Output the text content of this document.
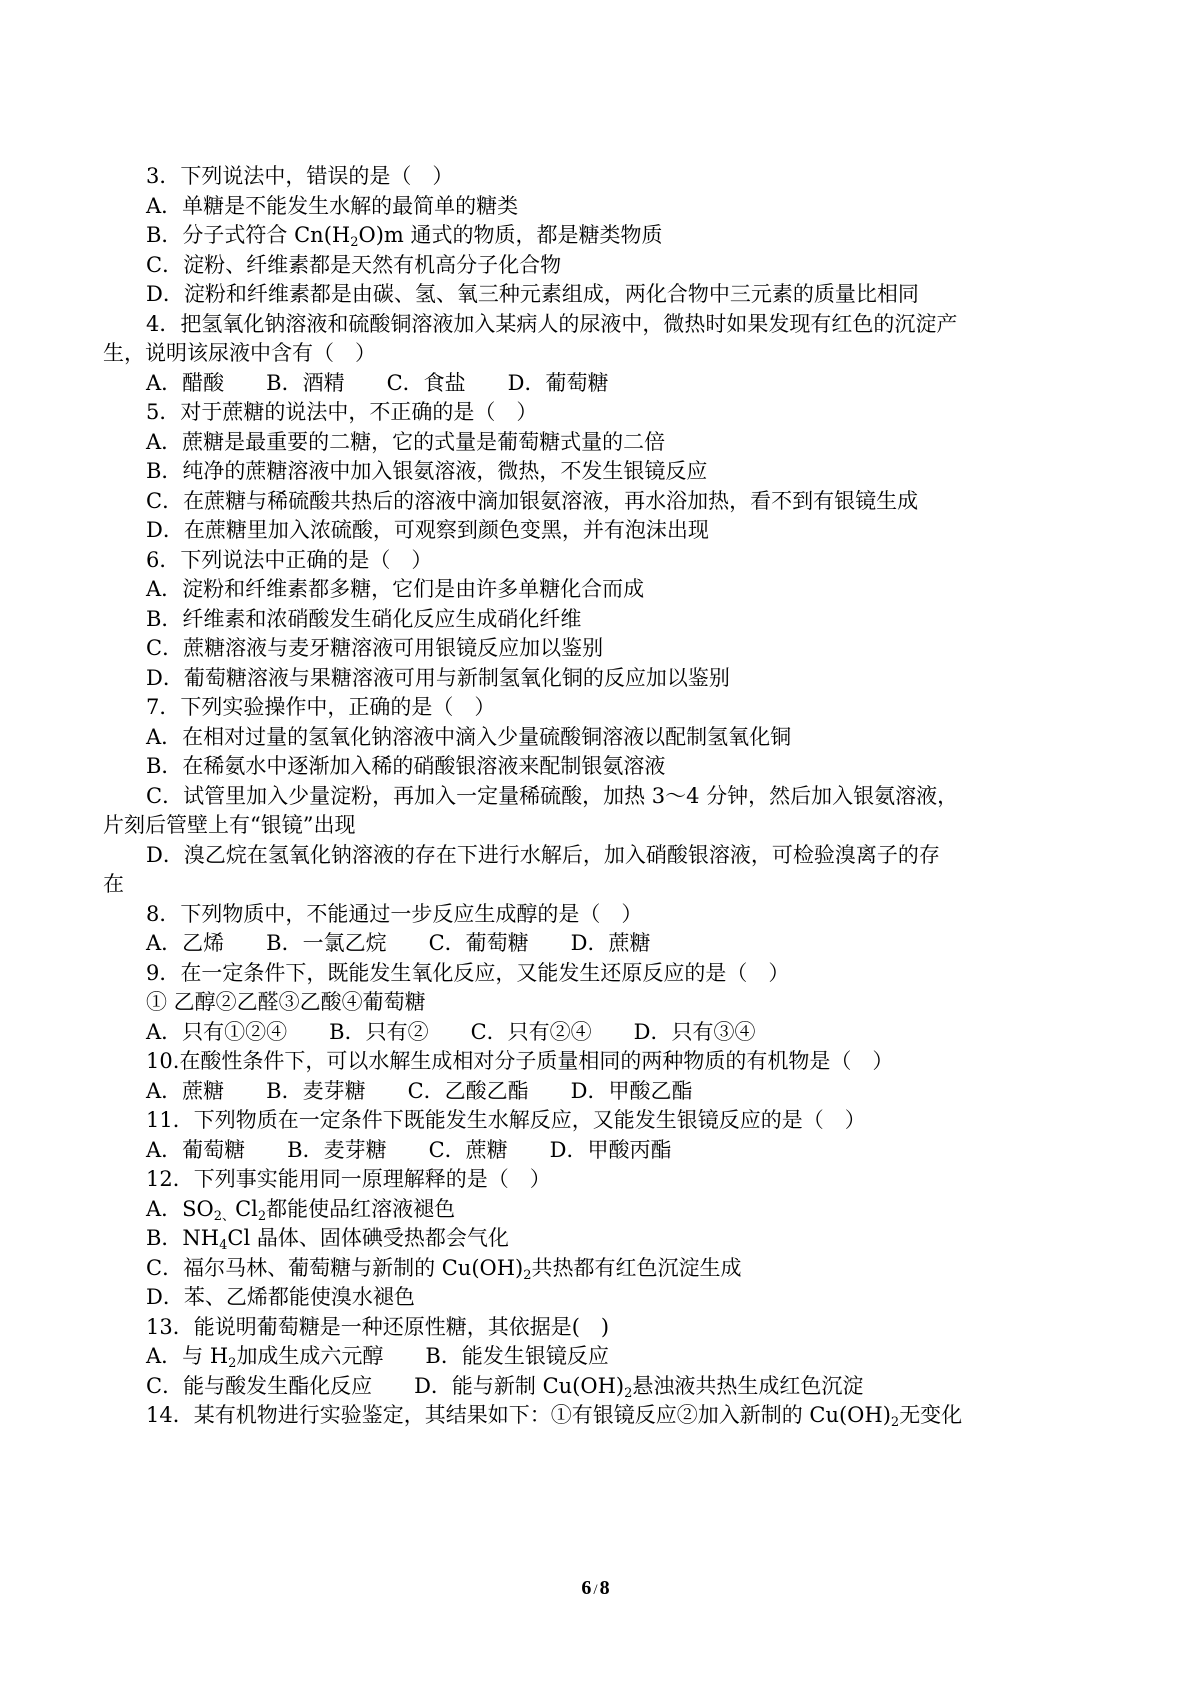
3．下列说法中，错误的是（　）
A．单糖是不能发生水解的最简单的糖类
B．分子式符合 $Cn(H_2O)m$ 通式的物质，都是糖类物质
C．淀粉、纤维素都是天然有机高分子化合物
D．淀粉和纤维素都是由碳、氢、氧三种元素组成，两化合物中三元素的质量比相同
4．把氢氧化钠溶液和硫酸铜溶液加入某病人的尿液中，微热时如果发现有红色的沉淀产
生，说明该尿液中含有（　）
A．醋酸　　B．酒精　　C．食盐　　D．葡萄糖
5．对于蔗糖的说法中，不正确的是（　）
A．蔗糖是最重要的二糖，它的式量是葡萄糖式量的二倍
B．纯净的蔗糖溶液中加入银氨溶液，微热，不发生银镜反应
C．在蔗糖与稀硫酸共热后的溶液中滴加银氨溶液，再水浴加热，看不到有银镜生成
D．在蔗糖里加入浓硫酸，可观察到颜色变黑，并有泡沫出现
6．下列说法中正确的是（　）
A．淀粉和纤维素都多糖，它们是由许多单糖化合而成
B．纤维素和浓硝酸发生硝化反应生成硝化纤维
C．蔗糖溶液与麦牙糖溶液可用银镜反应加以鉴别
D．葡萄糖溶液与果糖溶液可用与新制氢氧化铜的反应加以鉴别
7．下列实验操作中，正确的是（　）
A．在相对过量的氢氧化钠溶液中滴入少量硫酸铜溶液以配制氢氧化铜
B．在稀氨水中逐渐加入稀的硝酸银溶液来配制银氨溶液
C．试管里加入少量淀粉，再加入一定量稀硫酸，加热 3～4 分钟，然后加入银氨溶液，
片刻后管壁上有“银镜”出现
D．溴乙烷在氢氧化钠溶液的存在下进行水解后，加入硝酸银溶液，可检验溴离子的存
在
8．下列物质中，不能通过一步反应生成醇的是（　）
A．乙烯　　B．一氯乙烷　　C．葡萄糖　　D．蔗糖
9．在一定条件下，既能发生氧化反应，又能发生还原反应的是（　）
① 乙醇②乙醛③乙酸④葡萄糖
A．只有①②④　　B．只有②　　C．只有②④　　D．只有③④
10.在酸性条件下，可以水解生成相对分子质量相同的两种物质的有机物是（　）
A．蔗糖　　B．麦芽糖　　C．乙酸乙酯　　D．甲酸乙酯
11．下列物质在一定条件下既能发生水解反应，又能发生银镜反应的是（　）
A．葡萄糖　　B．麦芽糖　　C．蔗糖　　D．甲酸丙酯
12．下列事实能用同一原理解释的是（　）
A．$SO_{2、}Cl_2$都能使品红溶液褪色
B．$NH_4Cl$ 晶体、固体碘受热都会气化
C．福尔马林、葡萄糖与新制的 $Cu(OH)_2$共热都有红色沉淀生成
D．苯、乙烯都能使溴水褪色
13．能说明葡萄糖是一种还原性糖，其依据是(　)
A．与 $H_2$加成生成六元醇　　B．能发生银镜反应
C．能与酸发生酯化反应　　D．能与新制 $Cu(OH)_2$悬浊液共热生成红色沉淀
14．某有机物进行实验鉴定，其结果如下：①有银镜反应②加入新制的 $Cu(OH)_2$无变化
6 / 8
